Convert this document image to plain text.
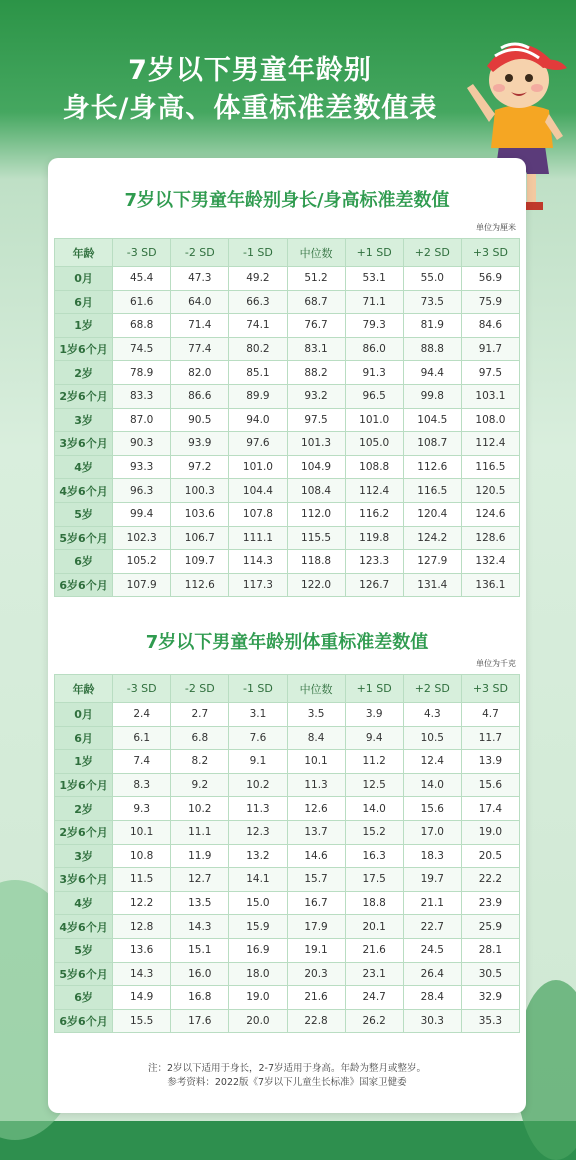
7岁以下男童年龄别
身长/身高、体重标准差数值表
7岁以下男童年龄别身长/身高标准差数值
单位为厘米
年龄	-3 SD	-2 SD	-1 SD	中位数	+1 SD	+2 SD	+3 SD
0月	45.4	47.3	49.2	51.2	53.1	55.0	56.9
6月	61.6	64.0	66.3	68.7	71.1	73.5	75.9
1岁	68.8	71.4	74.1	76.7	79.3	81.9	84.6
1岁6个月	74.5	77.4	80.2	83.1	86.0	88.8	91.7
2岁	78.9	82.0	85.1	88.2	91.3	94.4	97.5
2岁6个月	83.3	86.6	89.9	93.2	96.5	99.8	103.1
3岁	87.0	90.5	94.0	97.5	101.0	104.5	108.0
3岁6个月	90.3	93.9	97.6	101.3	105.0	108.7	112.4
4岁	93.3	97.2	101.0	104.9	108.8	112.6	116.5
4岁6个月	96.3	100.3	104.4	108.4	112.4	116.5	120.5
5岁	99.4	103.6	107.8	112.0	116.2	120.4	124.6
5岁6个月	102.3	106.7	111.1	115.5	119.8	124.2	128.6
6岁	105.2	109.7	114.3	118.8	123.3	127.9	132.4
6岁6个月	107.9	112.6	117.3	122.0	126.7	131.4	136.1
7岁以下男童年龄别体重标准差数值
单位为千克
年龄	-3 SD	-2 SD	-1 SD	中位数	+1 SD	+2 SD	+3 SD
0月	2.4	2.7	3.1	3.5	3.9	4.3	4.7
6月	6.1	6.8	7.6	8.4	9.4	10.5	11.7
1岁	7.4	8.2	9.1	10.1	11.2	12.4	13.9
1岁6个月	8.3	9.2	10.2	11.3	12.5	14.0	15.6
2岁	9.3	10.2	11.3	12.6	14.0	15.6	17.4
2岁6个月	10.1	11.1	12.3	13.7	15.2	17.0	19.0
3岁	10.8	11.9	13.2	14.6	16.3	18.3	20.5
3岁6个月	11.5	12.7	14.1	15.7	17.5	19.7	22.2
4岁	12.2	13.5	15.0	16.7	18.8	21.1	23.9
4岁6个月	12.8	14.3	15.9	17.9	20.1	22.7	25.9
5岁	13.6	15.1	16.9	19.1	21.6	24.5	28.1
5岁6个月	14.3	16.0	18.0	20.3	23.1	26.4	30.5
6岁	14.9	16.8	19.0	21.6	24.7	28.4	32.9
6岁6个月	15.5	17.6	20.0	22.8	26.2	30.3	35.3
注：2岁以下适用于身长，2-7岁适用于身高。年龄为整月或整岁。
参考资料：2022版《7岁以下儿童生长标准》国家卫健委
